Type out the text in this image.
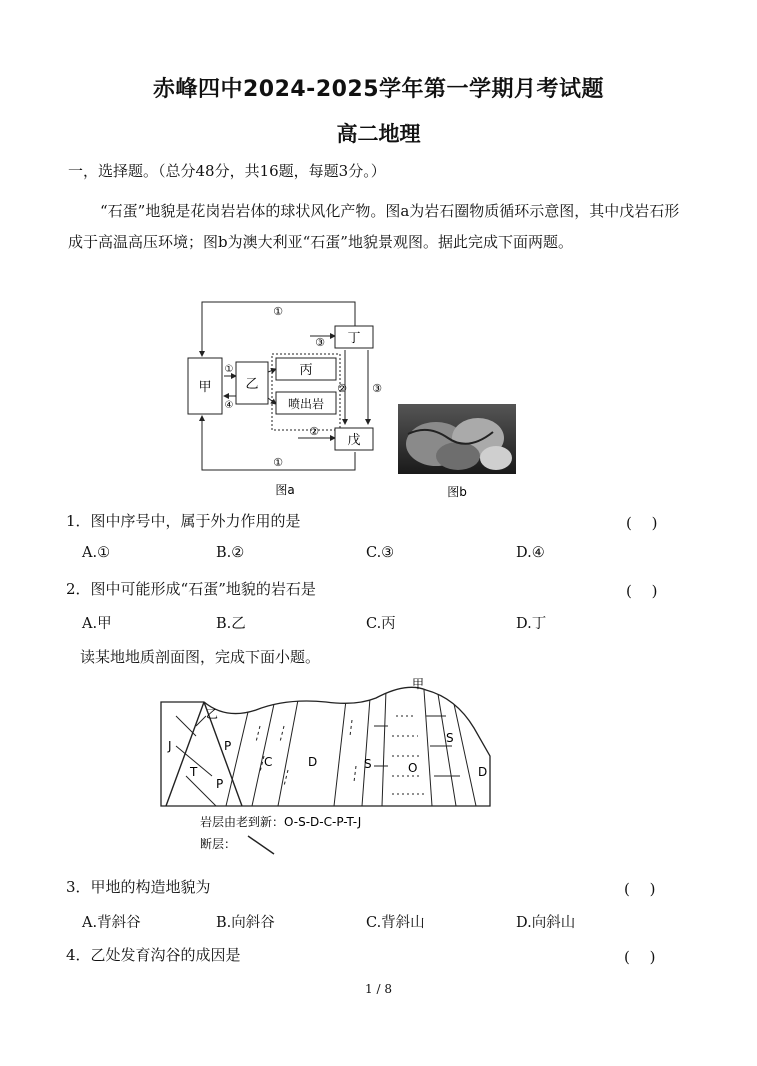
赤峰四中2024-2025学年第一学期月考试题
高二地理
一，选择题。（总分48分，共16题，每题3分。）
“石蛋”地貌是花岗岩岩体的球状风化产物。图a为岩石圈物质循环示意图，其中戊岩石形成于高温高压环境；图b为澳大利亚“石蛋”地貌景观图。据此完成下面两题。
甲	乙
丙
喷出岩
丁
戊
①
①
①
④
③
③
②
②
图a	图b
1．图中序号中，属于外力作用的是	(　 )
A.①	B.②	C.③	D.④
2．图中可能形成“石蛋”地貌的岩石是	(　 )
A.甲	B.乙	C.丙	D.丁
读某地地质剖面图，完成下面小题。
甲
乙
J
T
P
P
C	D	S	O
S
D
岩层由老到新：O-S-D-C-P-T-J
断层：
3．甲地的构造地貌为	(　 )
A.背斜谷	B.向斜谷	C.背斜山	D.向斜山
4．乙处发育沟谷的成因是	(　 )
1 / 8
